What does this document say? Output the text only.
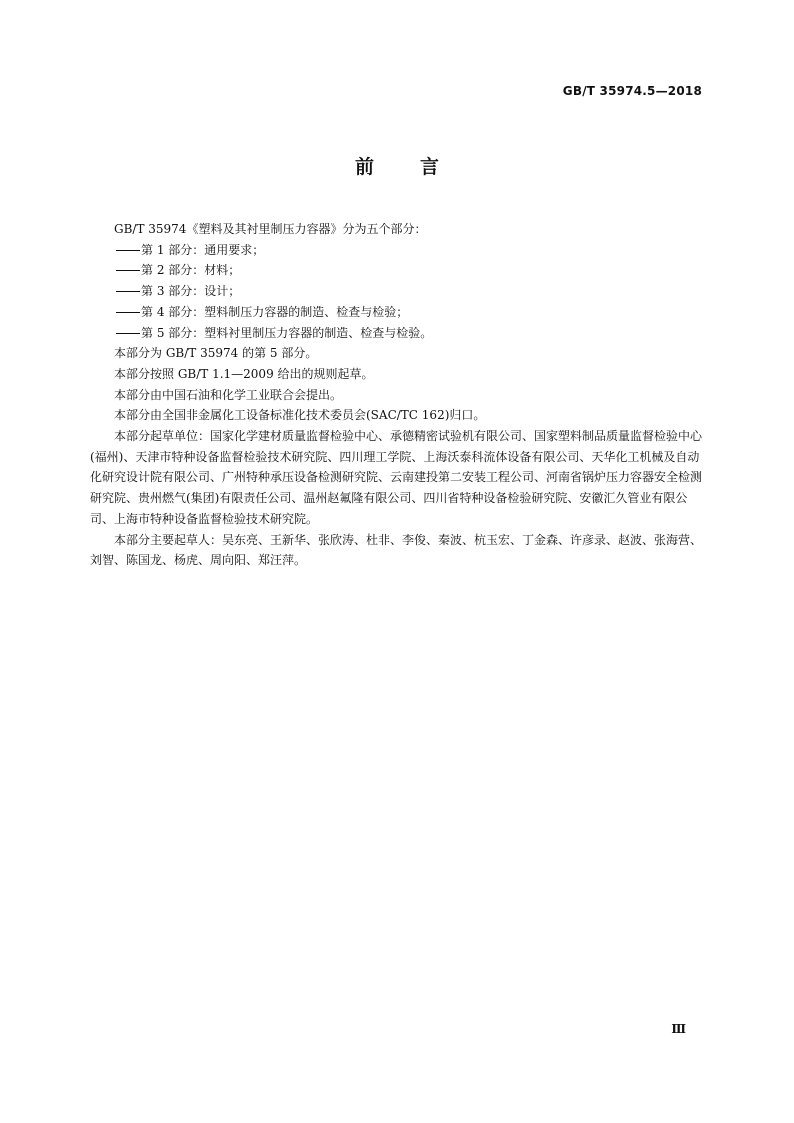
GB/T 35974.5—2018
前 言

GB/T 35974《塑料及其衬里制压力容器》分为五个部分：

第 1 部分：通用要求；

第 2 部分：材料；

第 3 部分：设计；

第 4 部分：塑料制压力容器的制造、检查与检验；

第 5 部分：塑料衬里制压力容器的制造、检查与检验。

本部分为 GB/T 35974 的第 5 部分。

本部分按照 GB/T 1.1—2009 给出的规则起草。

本部分由中国石油和化学工业联合会提出。

本部分由全国非金属化工设备标准化技术委员会(SAC/TC 162)归口。

本部分起草单位：国家化学建材质量监督检验中心、承德精密试验机有限公司、国家塑料制品质量监督检验中心(福州)、天津市特种设备监督检验技术研究院、四川理工学院、上海沃泰科流体设备有限公司、天华化工机械及自动化研究设计院有限公司、广州特种承压设备检测研究院、云南建投第二安装工程公司、河南省锅炉压力容器安全检测研究院、贵州燃气(集团)有限责任公司、温州赵氟隆有限公司、四川省特种设备检验研究院、安徽汇久管业有限公司、上海市特种设备监督检验技术研究院。

本部分主要起草人：吴东亮、王新华、张欣涛、杜非、李俊、秦波、杭玉宏、丁金森、许彦录、赵波、张海营、刘智、陈国龙、杨虎、周向阳、郑汪萍。

Ⅲ
